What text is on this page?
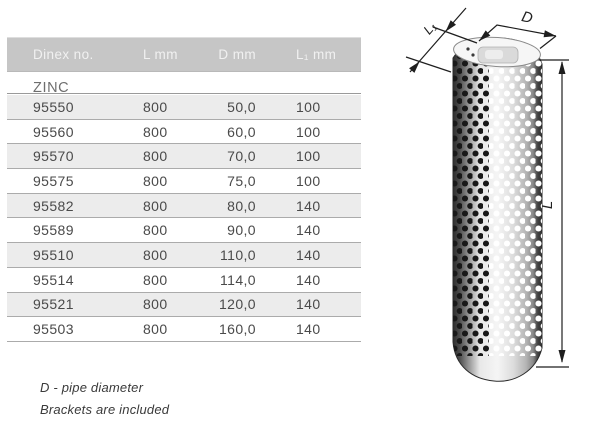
Dinex no.	L mm	D mm	L₁ mm
ZINC
95550	800	50,0	100
95560	800	60,0	100
95570	800	70,0	100
95575	800	75,0	100
95582	800	80,0	140
95589	800	90,0	140
95510	800	110,0	140
95514	800	114,0	140
95521	800	120,0	140
95503	800	160,0	140
D - pipe diameter
Brackets are included
D
L₁
L
